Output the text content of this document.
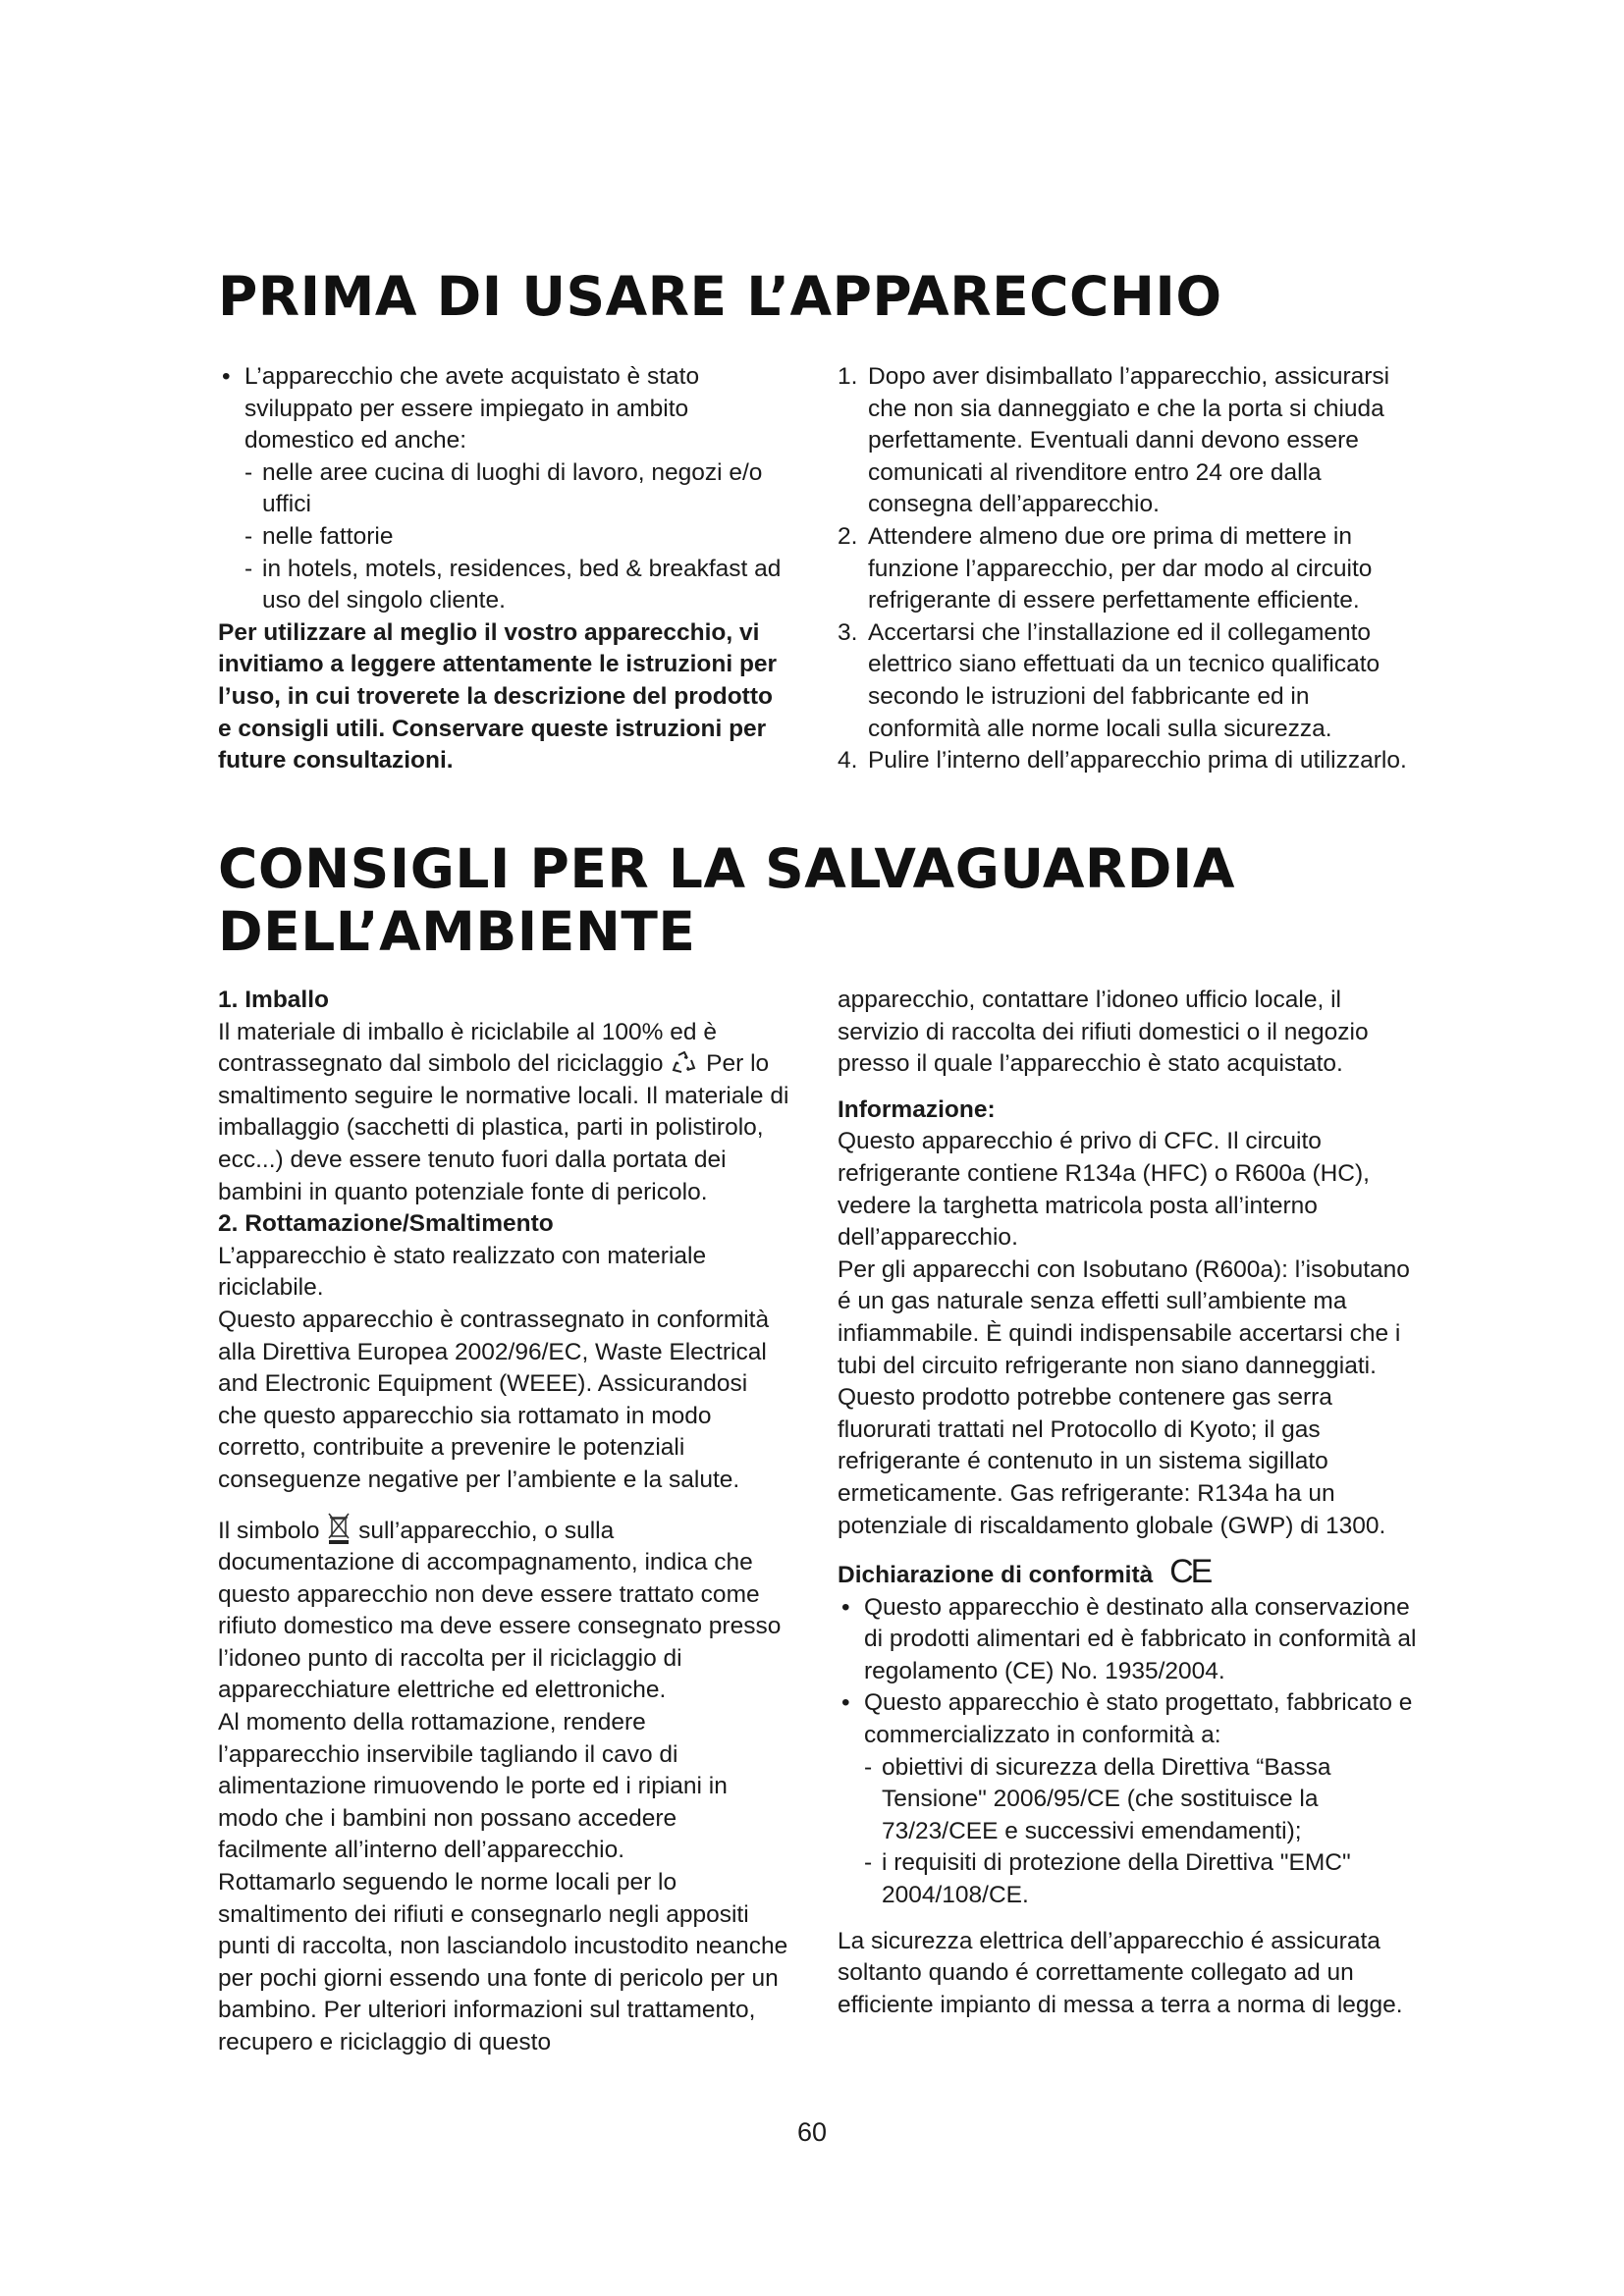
PRIMA DI USARE L’APPARECCHIO

• L’apparecchio che avete acquistato è stato sviluppato per essere impiegato in ambito domestico ed anche:

- nelle aree cucina di luoghi di lavoro, negozi e/o uffici

- nelle fattorie

- in hotels, motels, residences, bed & breakfast ad uso del singolo cliente.

Per utilizzare al meglio il vostro apparecchio, vi invitiamo a leggere attentamente le istruzioni per l’uso, in cui troverete la descrizione del prodotto e consigli utili. Conservare queste istruzioni per future consultazioni.

1. Dopo aver disimballato l’apparecchio, assicurarsi che non sia danneggiato e che la porta si chiuda perfettamente. Eventuali danni devono essere comunicati al rivenditore entro 24 ore dalla consegna dell’apparecchio.

2. Attendere almeno due ore prima di mettere in funzione l’apparecchio, per dar modo al circuito refrigerante di essere perfettamente efficiente.

3. Accertarsi che l’installazione ed il collegamento elettrico siano effettuati da un tecnico qualificato secondo le istruzioni del fabbricante ed in conformità alle norme locali sulla sicurezza.

4. Pulire l’interno dell’apparecchio prima di utilizzarlo.

CONSIGLI PER LA SALVAGUARDIA
DELL’AMBIENTE

1. Imballo

Il materiale di imballo è riciclabile al 100% ed è contrassegnato dal simbolo del riciclaggio Per lo smaltimento seguire le normative locali. Il materiale di imballaggio (sacchetti di plastica, parti in polistirolo, ecc...) deve essere tenuto fuori dalla portata dei bambini in quanto potenziale fonte di pericolo.

2. Rottamazione/Smaltimento

L’apparecchio è stato realizzato con materiale riciclabile.

Questo apparecchio è contrassegnato in conformità alla Direttiva Europea 2002/96/EC, Waste Electrical and Electronic Equipment (WEEE). Assicurandosi che questo apparecchio sia rottamato in modo corretto, contribuite a prevenire le potenziali conseguenze negative per l’ambiente e la salute.

Il simbolo sull’apparecchio, o sulla documentazione di accompagnamento, indica che questo apparecchio non deve essere trattato come rifiuto domestico ma deve essere consegnato presso l’idoneo punto di raccolta per il riciclaggio di apparecchiature elettriche ed elettroniche.

Al momento della rottamazione, rendere l’apparecchio inservibile tagliando il cavo di alimentazione rimuovendo le porte ed i ripiani in modo che i bambini non possano accedere facilmente all’interno dell’apparecchio.

Rottamarlo seguendo le norme locali per lo smaltimento dei rifiuti e consegnarlo negli appositi punti di raccolta, non lasciandolo incustodito neanche per pochi giorni essendo una fonte di pericolo per un bambino. Per ulteriori informazioni sul trattamento, recupero e riciclaggio di questo

apparecchio, contattare l’idoneo ufficio locale, il servizio di raccolta dei rifiuti domestici o il negozio presso il quale l’apparecchio è stato acquistato.

Informazione:

Questo apparecchio é privo di CFC. Il circuito refrigerante contiene R134a (HFC) o R600a (HC), vedere la targhetta matricola posta all’interno dell’apparecchio.

Per gli apparecchi con Isobutano (R600a): l’isobutano é un gas naturale senza effetti sull’ambiente ma

infiammabile. È quindi indispensabile accertarsi che i tubi del circuito refrigerante non siano danneggiati. Questo prodotto potrebbe contenere gas serra fluorurati trattati nel Protocollo di Kyoto; il gas refrigerante é contenuto in un sistema sigillato ermeticamente. Gas refrigerante: R134a ha un potenziale di riscaldamento globale (GWP) di 1300.

Dichiarazione di conformità CE

• Questo apparecchio è destinato alla conservazione di prodotti alimentari ed è fabbricato in conformità al regolamento (CE) No. 1935/2004.

• Questo apparecchio è stato progettato, fabbricato e commercializzato in conformità a:

- obiettivi di sicurezza della Direttiva “Bassa Tensione" 2006/95/CE (che sostituisce la 73/23/CEE e successivi emendamenti);

- i requisiti di protezione della Direttiva "EMC" 2004/108/CE.

La sicurezza elettrica dell’apparecchio é assicurata soltanto quando é correttamente collegato ad un efficiente impianto di messa a terra a norma di legge.

60
